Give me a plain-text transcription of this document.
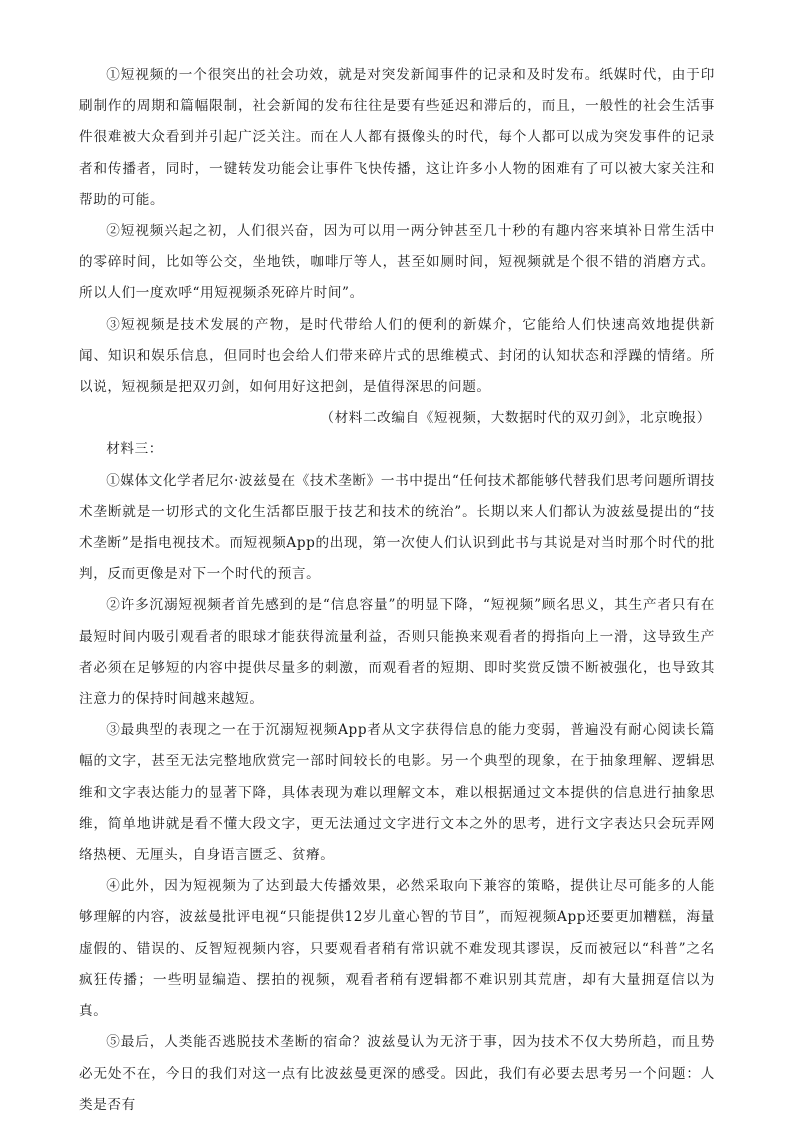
①短视频的一个很突出的社会功效，就是对突发新闻事件的记录和及时发布。纸媒时代，由于印刷制作的周期和篇幅限制，社会新闻的发布往往是要有些延迟和滞后的，而且，一般性的社会生活事件很难被大众看到并引起广泛关注。而在人人都有摄像头的时代，每个人都可以成为突发事件的记录者和传播者，同时，一键转发功能会让事件飞快传播，这让许多小人物的困难有了可以被大家关注和帮助的可能。

②短视频兴起之初，人们很兴奋，因为可以用一两分钟甚至几十秒的有趣内容来填补日常生活中的零碎时间，比如等公交，坐地铁，咖啡厅等人，甚至如厕时间，短视频就是个很不错的消磨方式。所以人们一度欢呼“用短视频杀死碎片时间”。

③短视频是技术发展的产物，是时代带给人们的便利的新媒介，它能给人们快速高效地提供新闻、知识和娱乐信息，但同时也会给人们带来碎片式的思维模式、封闭的认知状态和浮躁的情绪。所以说，短视频是把双刃剑，如何用好这把剑，是值得深思的问题。

（材料二改编自《短视频，大数据时代的双刃剑》，北京晚报）

材料三：

①媒体文化学者尼尔·波兹曼在《技术垄断》一书中提出“任何技术都能够代替我们思考问题所谓技术垄断就是一切形式的文化生活都臣服于技艺和技术的统治”。长期以来人们都认为波兹曼提出的“技术垄断”是指电视技术。而短视频App的出现，第一次使人们认识到此书与其说是对当时那个时代的批判，反而更像是对下一个时代的预言。

②许多沉溺短视频者首先感到的是“信息容量”的明显下降，“短视频”顾名思义，其生产者只有在最短时间内吸引观看者的眼球才能获得流量利益，否则只能换来观看者的拇指向上一滑，这导致生产者必须在足够短的内容中提供尽量多的刺激，而观看者的短期、即时奖赏反馈不断被强化，也导致其注意力的保持时间越来越短。

③最典型的表现之一在于沉溺短视频App者从文字获得信息的能力变弱，普遍没有耐心阅读长篇幅的文字，甚至无法完整地欣赏完一部时间较长的电影。另一个典型的现象，在于抽象理解、逻辑思维和文字表达能力的显著下降，具体表现为难以理解文本，难以根据通过文本提供的信息进行抽象思维，简单地讲就是看不懂大段文字，更无法通过文字进行文本之外的思考，进行文字表达只会玩弄网络热梗、无厘头，自身语言匮乏、贫瘠。

④此外，因为短视频为了达到最大传播效果，必然采取向下兼容的策略，提供让尽可能多的人能够理解的内容，波兹曼批评电视“只能提供12岁儿童心智的节目”，而短视频App还要更加糟糕，海量虚假的、错误的、反智短视频内容，只要观看者稍有常识就不难发现其谬误，反而被冠以“科普”之名疯狂传播；一些明显编造、摆拍的视频，观看者稍有逻辑都不难识别其荒唐，却有大量拥趸信以为真。

⑤最后，人类能否逃脱技术垄断的宿命？波兹曼认为无济于事，因为技术不仅大势所趋，而且势必无处不在，今日的我们对这一点有比波兹曼更深的感受。因此，我们有必要去思考另一个问题：人类是否有
